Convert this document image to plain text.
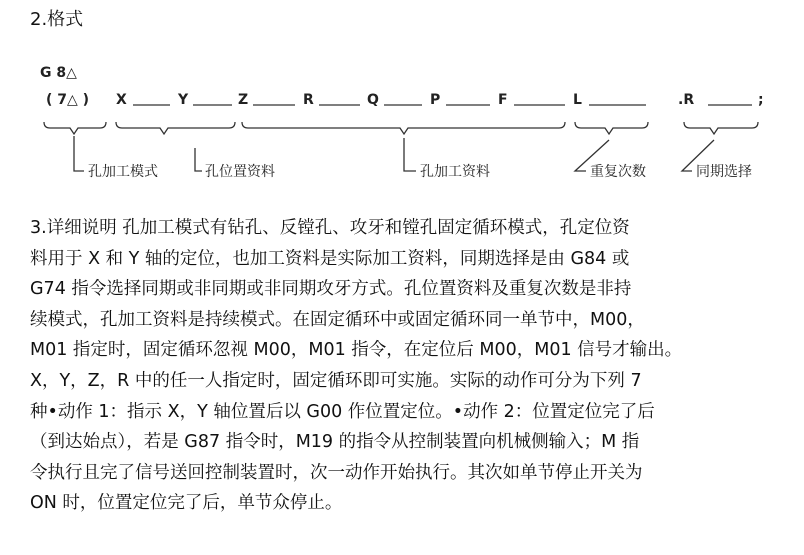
2.格式
G 8△
( 7△ ) X	Y	Z	R	Q	P	F	L	.R	;
孔加工模式	孔位置资料	孔加工资料	重复次数	同期选择
3.详细说明 孔加工模式有钻孔、反镗孔、攻牙和镗孔固定循环模式，孔定位资
料用于 X 和 Y 轴的定位，也加工资料是实际加工资料，同期选择是由 G84 或
G74 指令选择同期或非同期或非同期攻牙方式。孔位置资料及重复次数是非持
续模式，孔加工资料是持续模式。在固定循环中或固定循环同一单节中，M00，
M01 指定时，固定循环忽视 M00，M01 指令，在定位后 M00，M01 信号才输出。
X，Y，Z，R 中的任一人指定时，固定循环即可实施。实际的动作可分为下列 7
种•动作 1：指示 X，Y 轴位置后以 G00 作位置定位。•动作 2：位置定位完了后
（到达始点），若是 G87 指令时，M19 的指令从控制装置向机械侧输入；M 指
令执行且完了信号送回控制装置时，次一动作开始执行。其次如单节停止开关为
ON 时，位置定位完了后，单节众停止。
